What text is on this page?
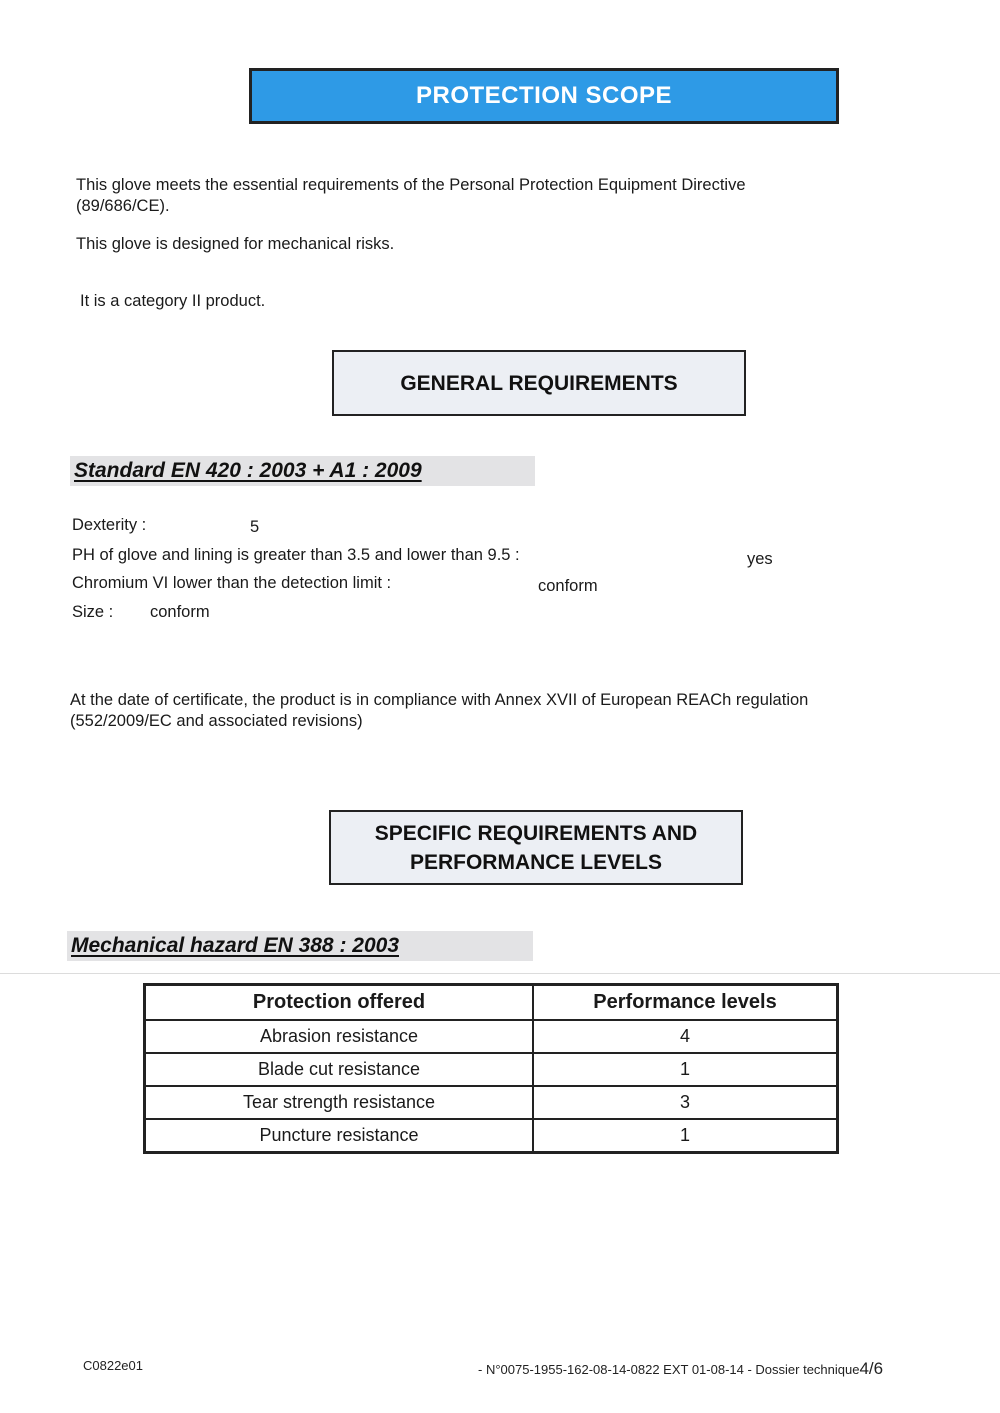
PROTECTION SCOPE

This glove meets the essential requirements of the Personal Protection Equipment Directive

(89/686/CE).

This glove is designed for mechanical risks.

It is a category II product.

GENERAL REQUIREMENTS
Standard EN 420 : 2003 + A1 : 2009

Dexterity :	5

PH of glove and lining is greater than 3.5 and lower than 9.5 :	yes

Chromium VI lower than the detection limit :	conform

Size : conform

At the date of certificate, the product is in compliance with Annex XVII of European REACh regulation

(552/2009/EC and associated revisions)

SPECIFIC REQUIREMENTS AND
PERFORMANCE LEVELS
Mechanical hazard EN 388 : 2003
Protection offered	Performance levels
Abrasion resistance	4
Blade cut resistance	1
Tear strength resistance	3
Puncture resistance	1
C0822e01	- N°0075-1955-162-08-14-0822 EXT 01-08-14 - Dossier technique4/6
